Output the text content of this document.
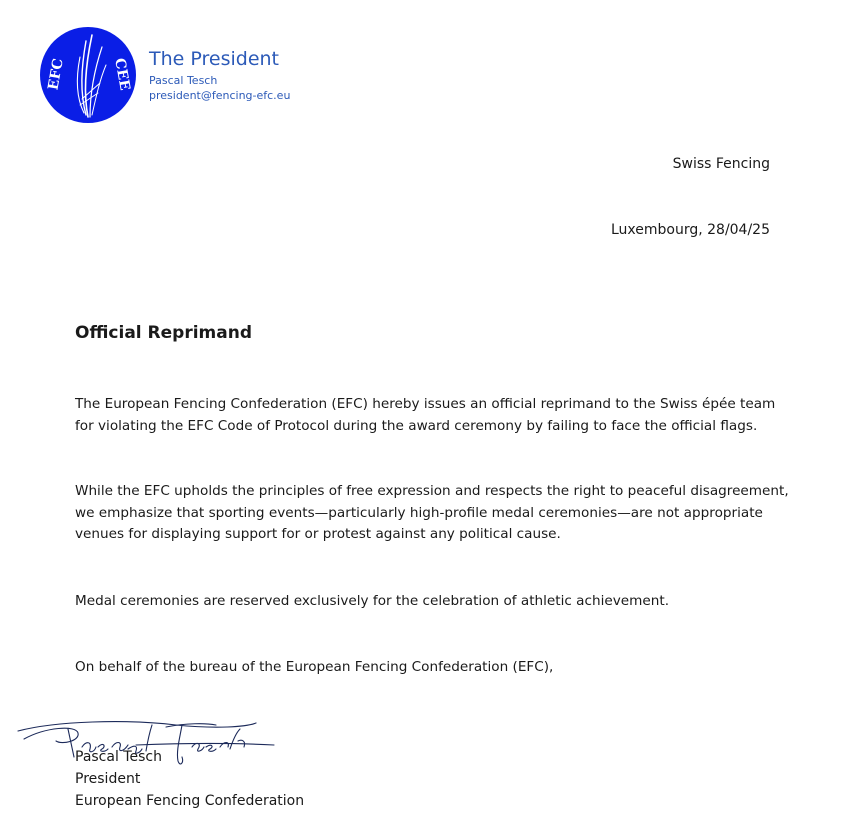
EFC	CEE The President
Pascal Tesch
president@fencing-efc.eu
Swiss Fencing
Luxembourg, 28/04/25
Official Reprimand

The European Fencing Confederation (EFC) hereby issues an official reprimand to the Swiss épée team for violating the EFC Code of Protocol during the award ceremony by failing to face the official flags.

While the EFC upholds the principles of free expression and respects the right to peaceful disagreement, we emphasize that sporting events—particularly high-profile medal ceremonies—are not appropriate venues for displaying support for or protest against any political cause.

Medal ceremonies are reserved exclusively for the celebration of athletic achievement.

On behalf of the bureau of the European Fencing Confederation (EFC),

Pascal Tesch
President
European Fencing Confederation
